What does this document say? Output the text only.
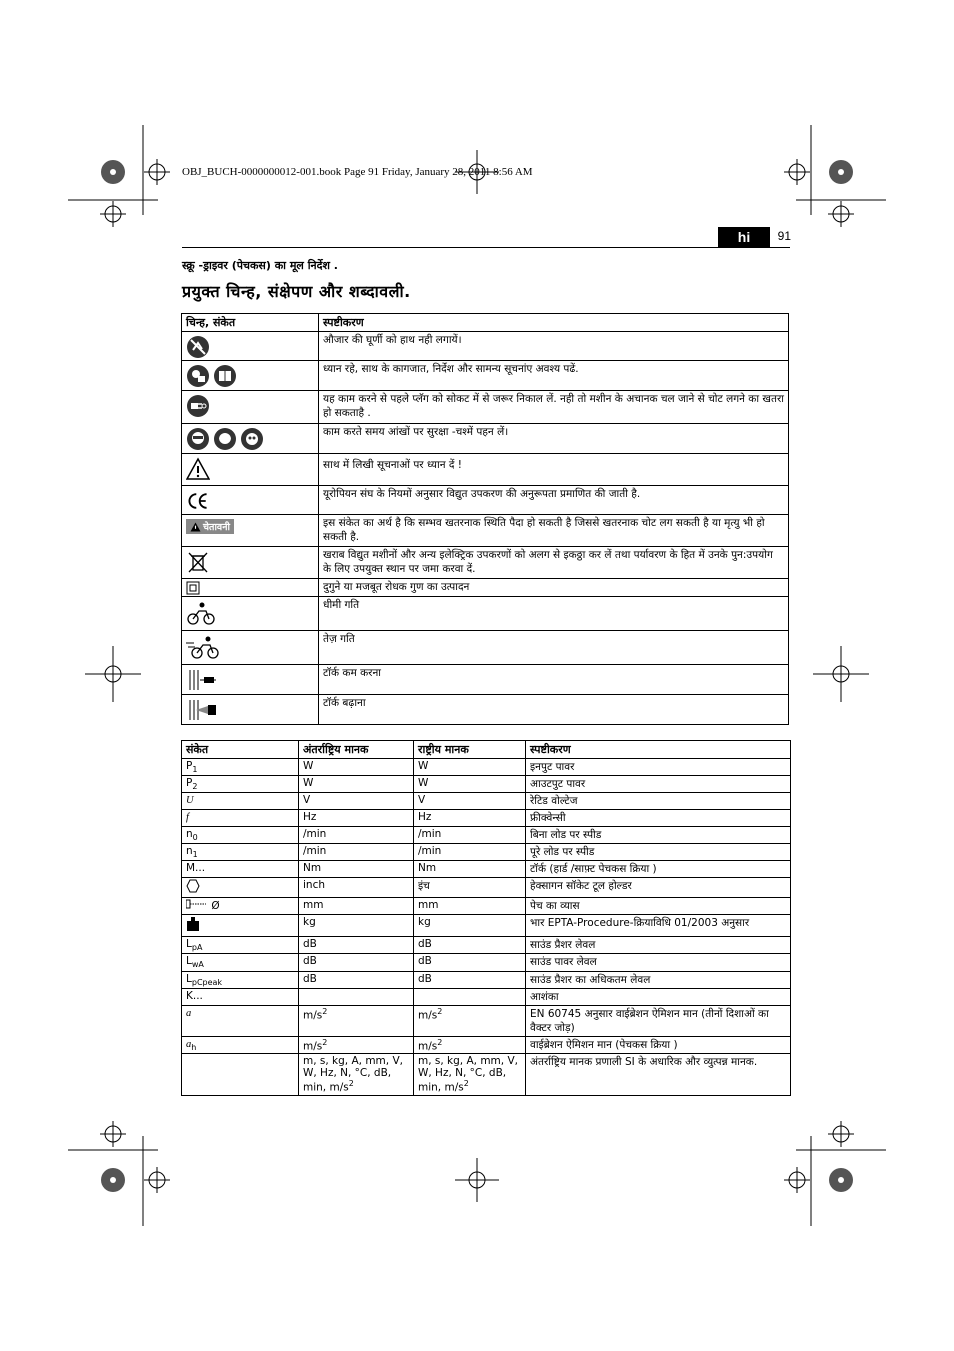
OBJ_BUCH-0000000012-001.book Page 91 Friday, January 28, 2011 8:56 AM
hi	91
स्क्रू -ड्राइवर (पेचकस) का मूल निर्देश .
प्रयुक्त चिन्ह, संक्षेपण और शब्दावली.
चिन्ह, संकेत	स्पष्टीकरण

	औजार की घूर्णी को हाथ नही लगायें।

	ध्यान रहे, साथ के कागजात, निर्देश और सामन्य सूचनांए अवश्य पढें.

	यह काम करने से पहले प्लॅग को सोकट में से जरूर निकाल लें. नही तो मशीन के अचानक चल जाने से चोट लगने का खतरा हो सकताहै .

	काम करते समय आंखों पर सुरक्षा -चश्में पहन लें।

	साथ में लिखी सूचनाओं पर ध्यान दें !

	यूरोपियन संघ के नियमों अनुसार विद्युत उपकरण की अनुरूपता प्रमाणित की जाती है.

चेतावनी	इस संकेत का अर्थ है कि सम्भव खतरनाक स्थिति पैदा हो सकती है जिससे खतरनाक चोट लग सकती है या मृत्यु भी हो सकती है.

	खराब विद्युत मशीनों और अन्य इलेक्ट्रिक उपकरणों को अलग से इकठ्ठा कर लें तथा पर्यावरण के हित में उनके पुन:उपयोग के लिए उपयुक्त स्थान पर जमा करवा दें.

	दुगुने या मजबूत रोधक गुण का उत्पादन

	धीमी गति

	तेज़ गति

	टॉर्क कम करना

	टॉर्क बढ़ाना
संकेत	अंतर्राष्ट्रिय मानक	राष्ट्रीय मानक	स्पष्टीकरण
$P_1$	W	W	इनपुट पावर
$P_2$	W	W	आउटपुट पावर
U	V	V	रेटिड वोल्टेज
f	Hz	Hz	फ्रीक्वेन्सी
$n_0$	/min	/min	बिना लोड पर स्पीड
$n_1$	/min	/min	पूरे लोड पर स्पीड
M...	Nm	Nm	टॉर्क (हार्ड /साफ़्ट पेचकस क्रिया )
	inch	इंच	हेक्सागन सॉकेट टूल होल्डर
Ø	mm	mm	पेच का व्यास
	kg	kg	भार EPTA-Procedure-क्रियाविधि 01/2003 अनुसार
$L_{pA}$	dB	dB	साउंड प्रैशर लेवल
$L_{wA}$	dB	dB	साउंड पावर लेवल
$L_{pCpeak}$	dB	dB	साउंड प्रैशर का अधिकतम लेवल
K...			आशंका
a	$m/s^2$	$m/s^2$	EN 60745 अनुसार वाईब्रेशन ऐमिशन मान (तीनों दिशाओं का वैक्टर जोड़)
$a_h$	$m/s^2$	$m/s^2$	वाईब्रेशन ऐमिशन मान (पेचकस क्रिया )
	m, s, kg, A, mm, V, W, Hz, N, °C, dB, min, $m/s^2$	m, s, kg, A, mm, V, W, Hz, N, °C, dB, min, $m/s^2$	अंतर्राष्ट्रिय मानक प्रणाली SI के अधारिक और व्युत्पन्न मानक.
